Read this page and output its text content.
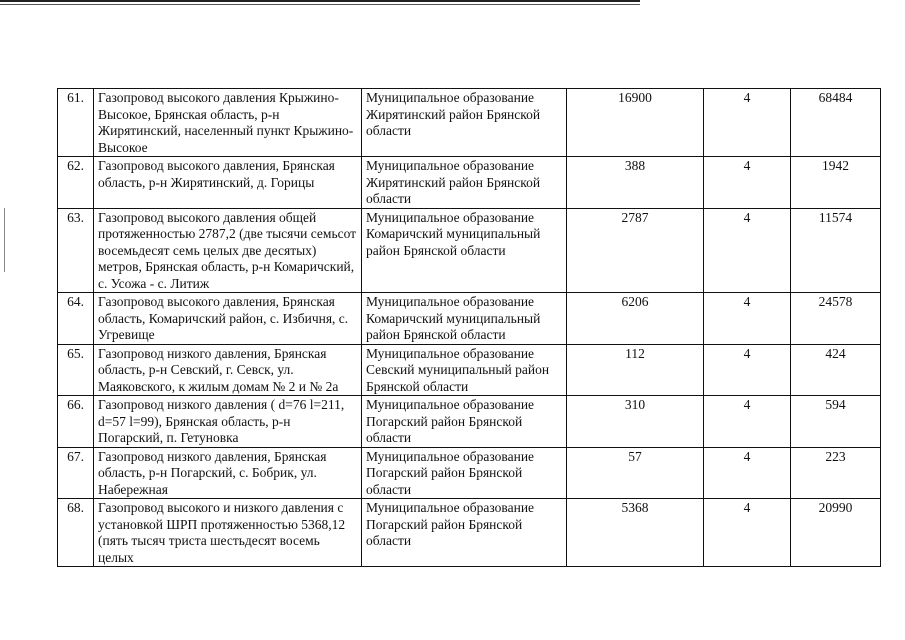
61.	Газопровод высокого давления Крыжино-Высокое, Брянская область, р-н Жирятинский, населенный пункт Крыжино-Высокое	Муниципальное образование Жирятинский район Брянской области	16900	4	68484
62.	Газопровод высокого давления, Брянская область, р-н Жирятинский, д. Горицы	Муниципальное образование Жирятинский район Брянской области	388	4	1942
63.	Газопровод высокого давления общей протяженностью 2787,2 (две тысячи семьсот восемьдесят семь целых две десятых) метров, Брянская область, р-н Комаричский, с. Усожа - с. Литиж	Муниципальное образование Комаричский муниципальный район Брянской области	2787	4	11574
64.	Газопровод высокого давления, Брянская область, Комаричский район, с. Избичня, с. Угревище	Муниципальное образование Комаричский муниципальный район Брянской области	6206	4	24578
65.	Газопровод низкого давления, Брянская область, р-н Севский, г. Севск, ул. Маяковского, к жилым домам № 2 и № 2а	Муниципальное образование Севский муниципальный район Брянской области	112	4	424
66.	Газопровод низкого давления ( d=76 l=211, d=57 l=99), Брянская область, р-н Погарский, п. Гетуновка	Муниципальное образование Погарский район Брянской области	310	4	594
67.	Газопровод низкого давления, Брянская область, р-н Погарский, с. Бобрик, ул. Набережная	Муниципальное образование Погарский район Брянской области	57	4	223
68.	Газопровод высокого и низкого давления с установкой ШРП протяженностью 5368,12 (пять тысяч триста шестьдесят восемь целых	Муниципальное образование Погарский район Брянской области	5368	4	20990
